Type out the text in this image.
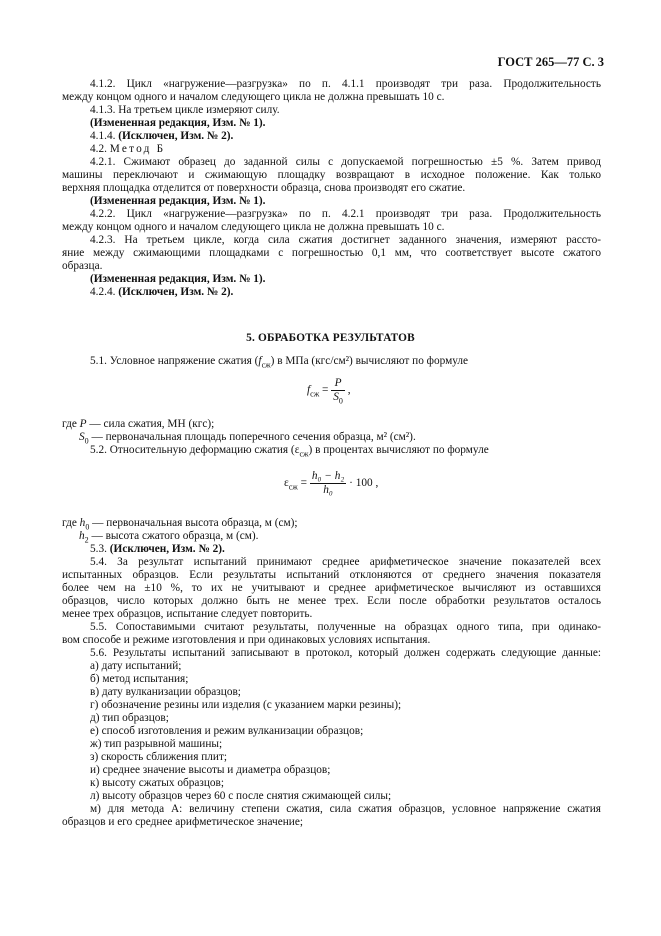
ГОСТ 265—77 С. 3
4.1.2. Цикл «нагружение—разгрузка» по п. 4.1.1 производят три раза. Продолжительность
между концом одного и началом следующего цикла не должна превышать 10 с.
4.1.3. На третьем цикле измеряют силу.
(Измененная редакция, Изм. № 1).
4.1.4. (Исключен, Изм. № 2).
4.2. Метод Б
4.2.1. Сжимают образец до заданной силы с допускаемой погрешностью ±5 %. Затем привод
машины переключают и сжимающую площадку возвращают в исходное положение. Как только
верхняя площадка отделится от поверхности образца, снова производят его сжатие.
(Измененная редакция, Изм. № 1).
4.2.2. Цикл «нагружение—разгрузка» по п. 4.2.1 производят три раза. Продолжительность
между концом одного и началом следующего цикла не должна превышать 10 с.
4.2.3. На третьем цикле, когда сила сжатия достигнет заданного значения, измеряют рассто-
яние между сжимающими площадками с погрешностью 0,1 мм, что соответствует высоте сжатого
образца.
(Измененная редакция, Изм. № 1).
4.2.4. (Исключен, Изм. № 2).
5. ОБРАБОТКА РЕЗУЛЬТАТОВ
5.1. Условное напряжение сжатия $(f_{сж})$ в МПа (кгс/см²) вычисляют по формуле
$f_{сж} = \frac{P}{S_0}$ ,
где P — сила сжатия, МН (кгс);
$S_0$ — первоначальная площадь поперечного сечения образца, м² (см²).
5.2. Относительную деформацию сжатия $(\varepsilon_{сж})$ в процентах вычисляют по формуле
$\varepsilon_{сж} = \frac{\text{h₀ − h₂}}{\text{h₀}} \cdot 100$ ,
где $h_0$ — первоначальная высота образца, м (см);
$h_2$ — высота сжатого образца, м (см).
5.3. (Исключен, Изм. № 2).
5.4. За результат испытаний принимают среднее арифметическое значение показателей всех
испытанных образцов. Если результаты испытаний отклоняются от среднего значения показателя
более чем на ±10 %, то их не учитывают и среднее арифметическое вычисляют из оставшихся
образцов, число которых должно быть не менее трех. Если после обработки результатов осталось
менее трех образцов, испытание следует повторить.
5.5. Сопоставимыми считают результаты, полученные на образцах одного типа, при одинако-
вом способе и режиме изготовления и при одинаковых условиях испытания.
5.6. Результаты испытаний записывают в протокол, который должен содержать следующие данные:
а) дату испытаний;
б) метод испытания;
в) дату вулканизации образцов;
г) обозначение резины или изделия (с указанием марки резины);
д) тип образцов;
е) способ изготовления и режим вулканизации образцов;
ж) тип разрывной машины;
з) скорость сближения плит;
и) среднее значение высоты и диаметра образцов;
к) высоту сжатых образцов;
л) высоту образцов через 60 с после снятия сжимающей силы;
м) для метода А: величину степени сжатия, сила сжатия образцов, условное напряжение сжатия
образцов и его среднее арифметическое значение;
